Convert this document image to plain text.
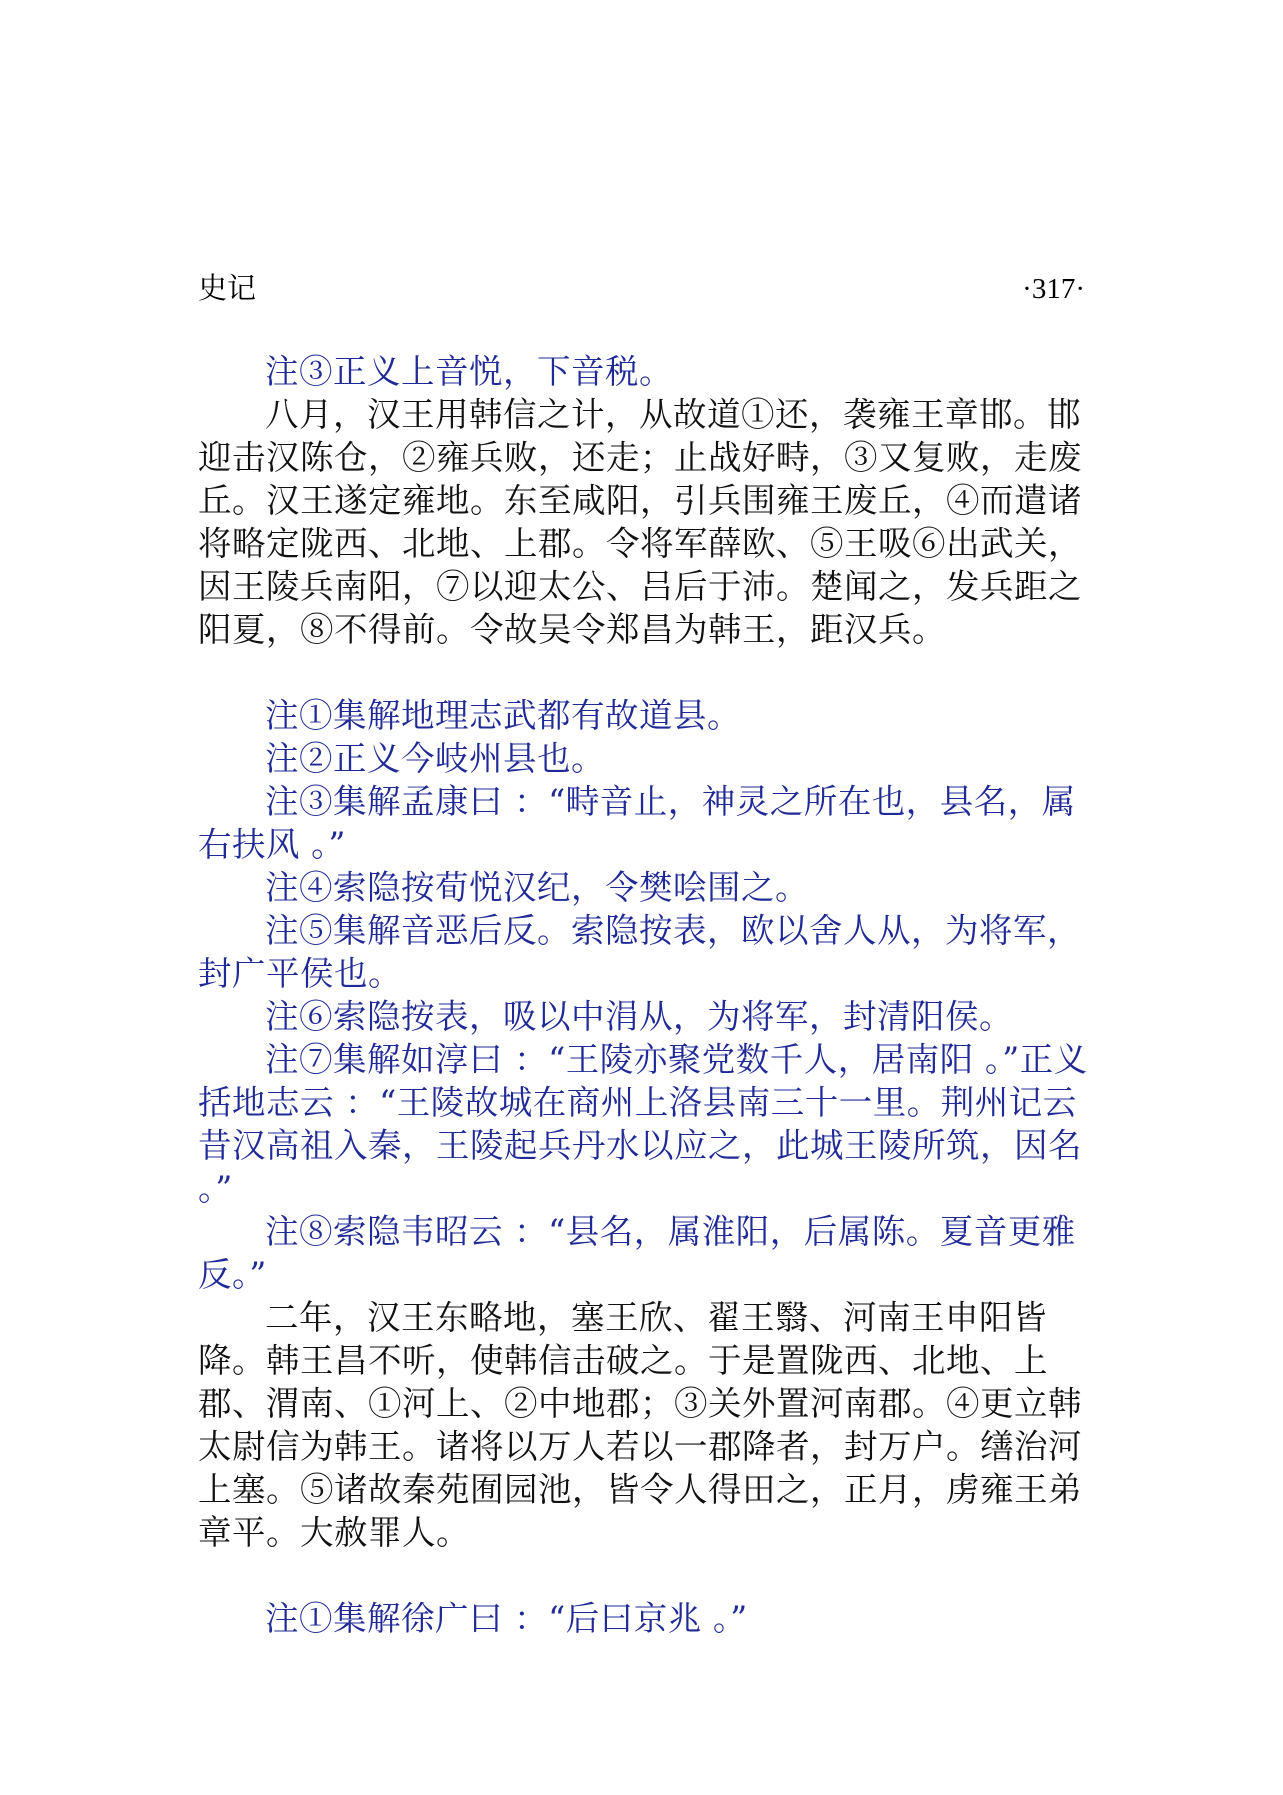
史记	·317·

注③正义上音悦，下音税。

八月，汉王用韩信之计，从故道①还，袭雍王章邯。邯迎击汉陈仓，②雍兵败，还走；止战好畤，③又复败，走废丘。汉王遂定雍地。东至咸阳，引兵围雍王废丘，④而遣诸将略定陇西、北地、上郡。令将军薛欧、⑤王吸⑥出武关，因王陵兵南阳，⑦以迎太公、吕后于沛。楚闻之，发兵距之阳夏，⑧不得前。令故吴令郑昌为韩王，距汉兵。

注①集解地理志武都有故道县。

注②正义今岐州县也。

注③集解孟康曰 ：“畤音止，神灵之所在也，县名，属右扶风 。”

注④索隐按荀悦汉纪，令樊哙围之。

注⑤集解音恶后反。索隐按表，欧以舍人从，为将军，封广平侯也。

注⑥索隐按表，吸以中涓从，为将军，封清阳侯。

注⑦集解如淳曰 ：“王陵亦聚党数千人，居南阳 。”正义括地志云 ：“王陵故城在商州上洛县南三十一里。荆州记云昔汉高祖入秦，王陵起兵丹水以应之，此城王陵所筑，因名 。”

注⑧索隐韦昭云 ：“县名，属淮阳，后属陈。夏音更雅反。”

二年，汉王东略地，塞王欣、翟王翳、河南王申阳皆降。韩王昌不听，使韩信击破之。于是置陇西、北地、上郡、渭南、①河上、②中地郡；③关外置河南郡。④更立韩太尉信为韩王。诸将以万人若以一郡降者，封万户。缮治河上塞。⑤诸故秦苑囿园池，皆令人得田之，正月，虏雍王弟章平。大赦罪人。

注①集解徐广曰 ：“后曰京兆 。”
